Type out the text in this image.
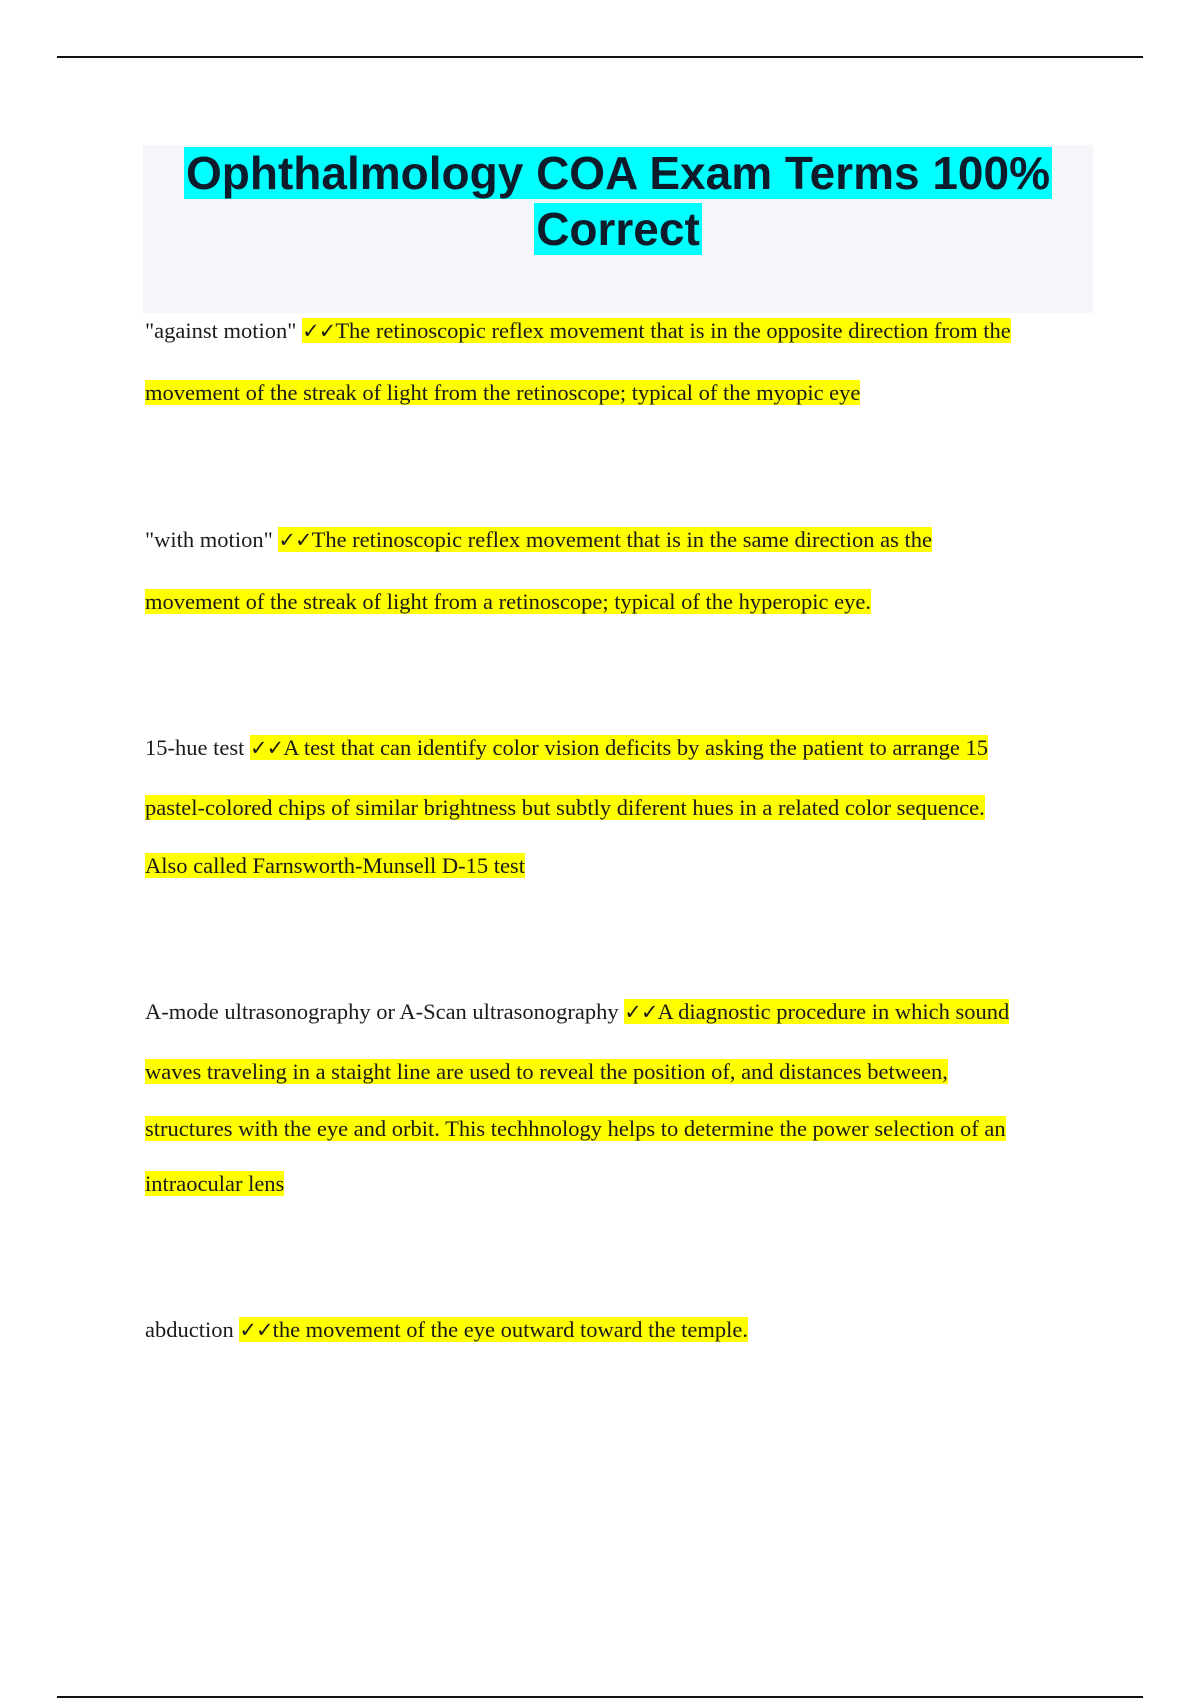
Ophthalmology COA Exam Terms 100%
Correct

"against motion" ✓✓The retinoscopic reflex movement that is in the opposite direction from the

movement of the streak of light from the retinoscope; typical of the myopic eye

"with motion" ✓✓The retinoscopic reflex movement that is in the same direction as the

movement of the streak of light from a retinoscope; typical of the hyperopic eye.

15-hue test ✓✓A test that can identify color vision deficits by asking the patient to arrange 15

pastel-colored chips of similar brightness but subtly diferent hues in a related color sequence.

Also called Farnsworth-Munsell D-15 test

A-mode ultrasonography or A-Scan ultrasonography ✓✓A diagnostic procedure in which sound

waves traveling in a staight line are used to reveal the position of, and distances between,

structures with the eye and orbit. This techhnology helps to determine the power selection of an

intraocular lens

abduction ✓✓the movement of the eye outward toward the temple.
